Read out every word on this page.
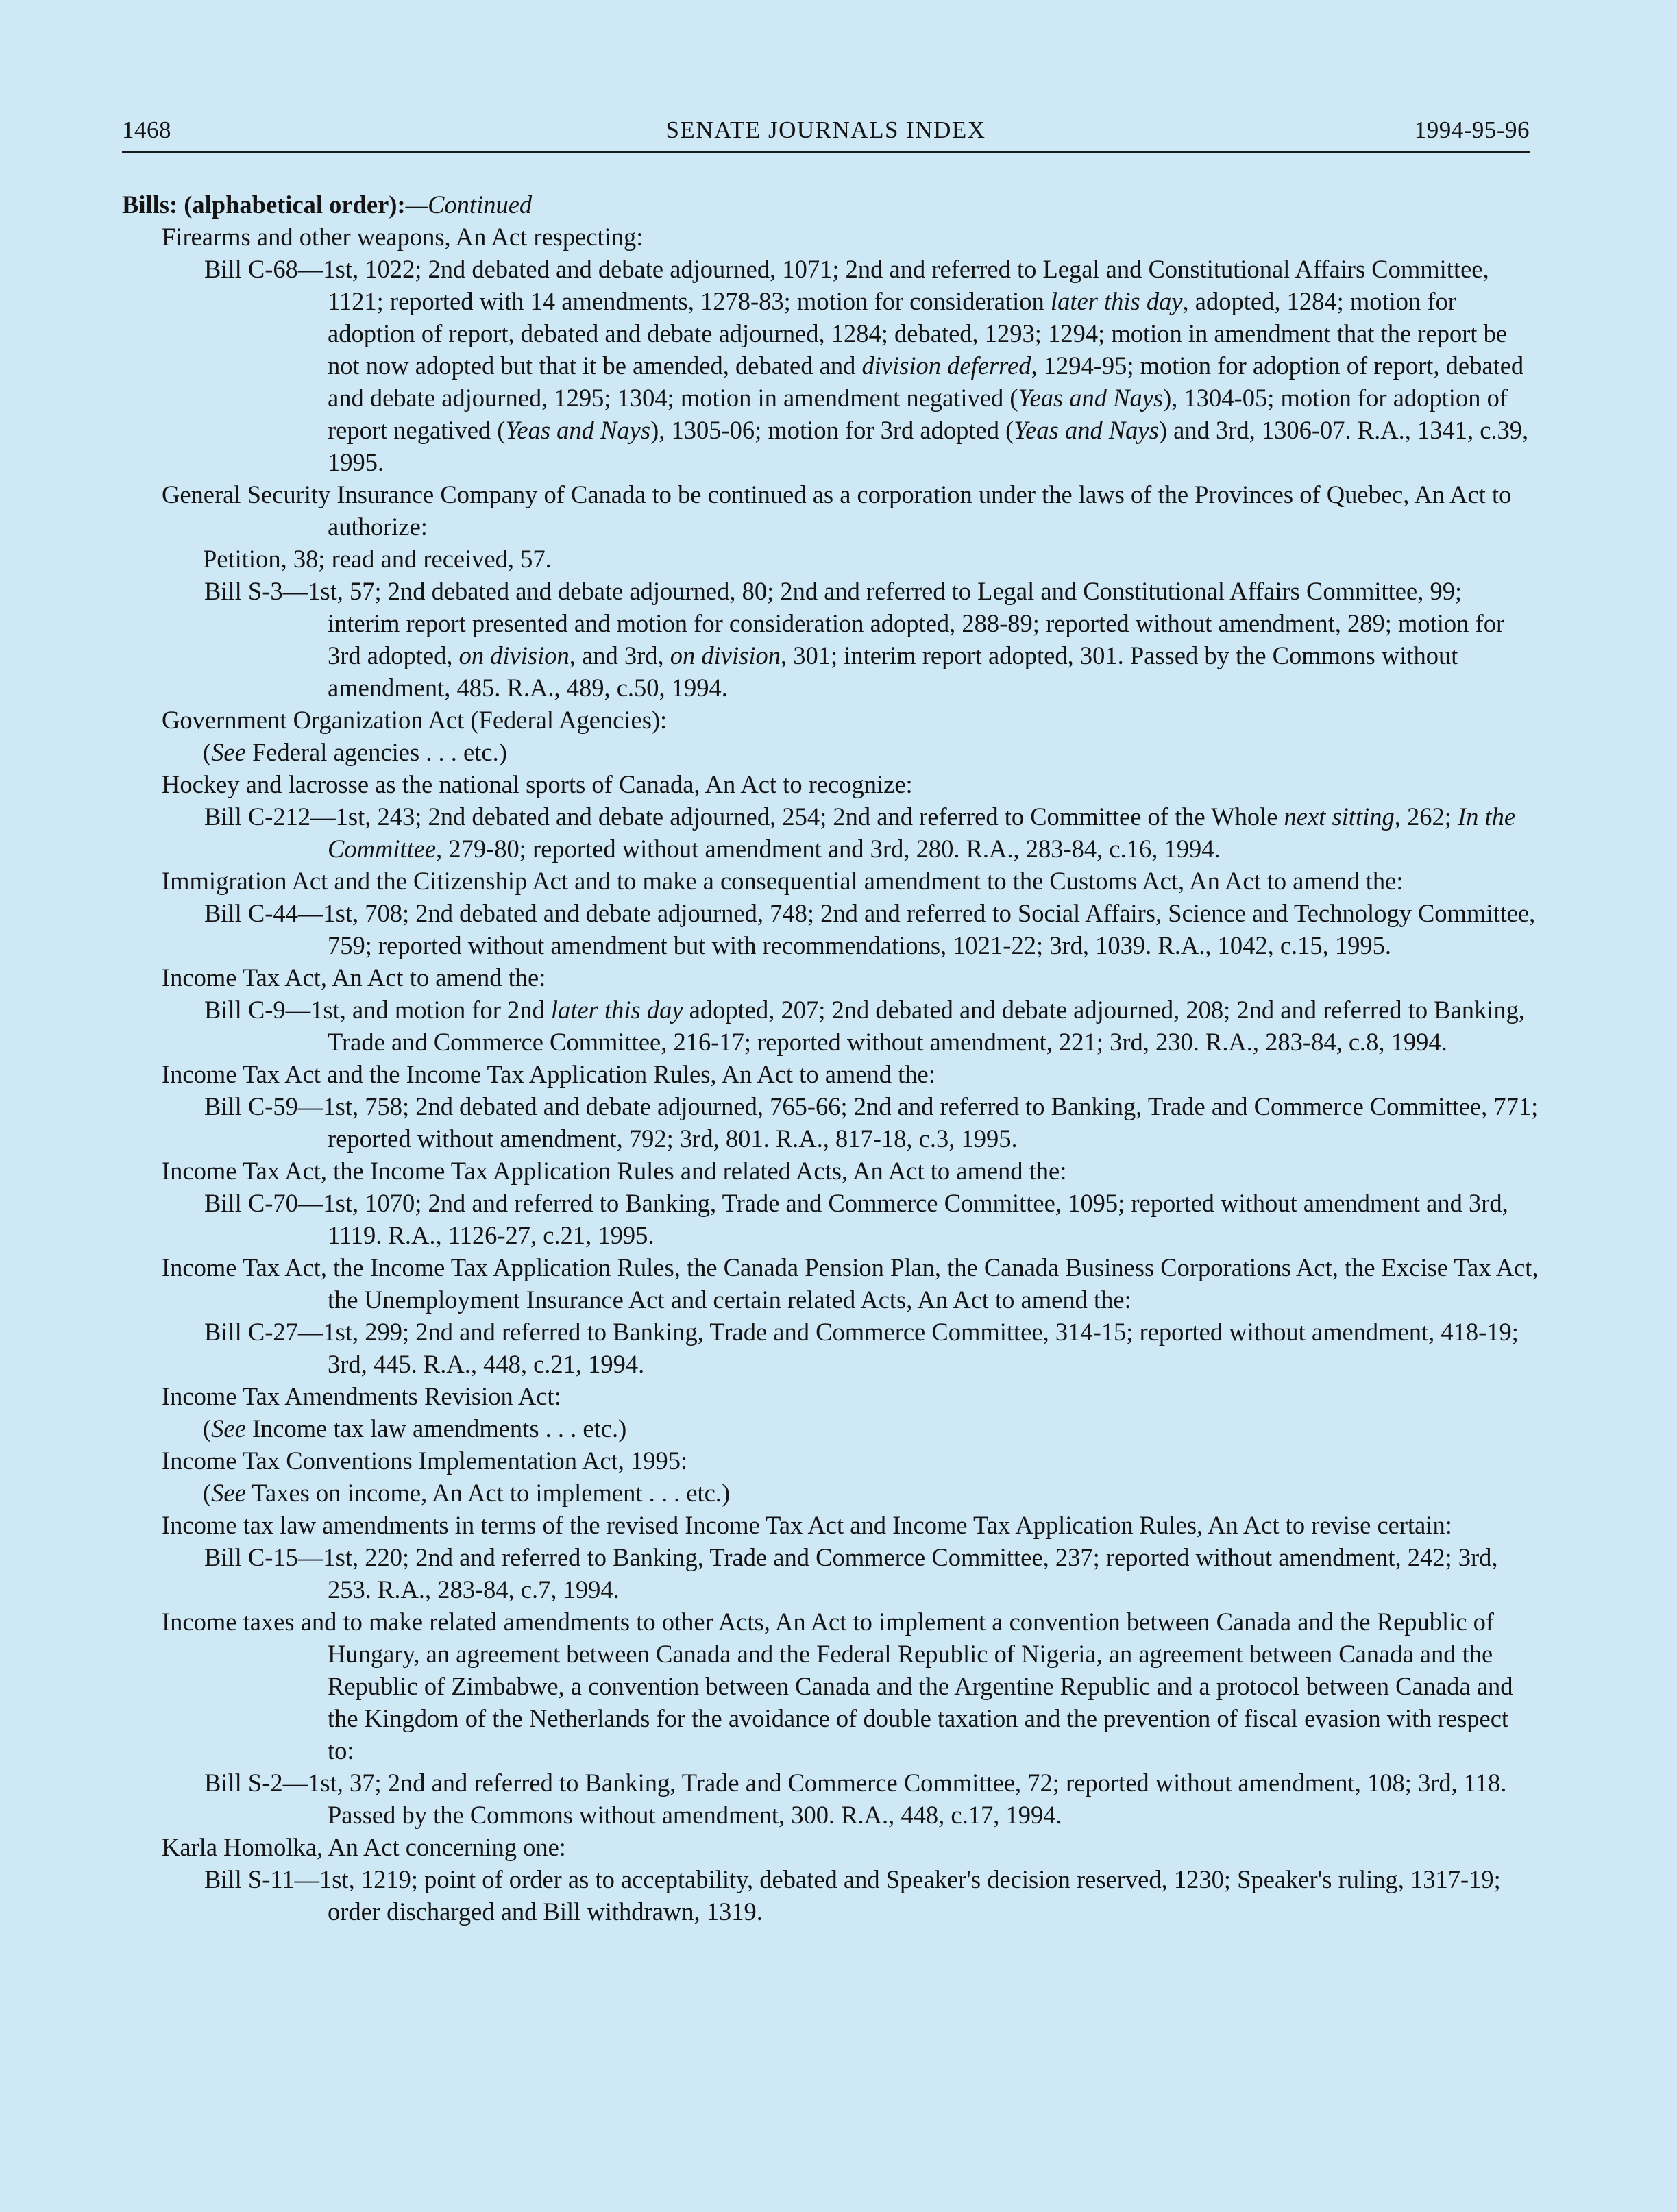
1468	SENATE JOURNALS INDEX	1994-95-96

Bills: (alphabetical order):—Continued

Firearms and other weapons, An Act respecting:

Bill C-68—1st, 1022; 2nd debated and debate adjourned, 1071; 2nd and referred to Legal and Constitutional Affairs Committee, 1121; reported with 14 amendments, 1278-83; motion for consideration later this day, adopted, 1284; motion for adoption of report, debated and debate adjourned, 1284; debated, 1293; 1294; motion in amendment that the report be not now adopted but that it be amended, debated and division deferred, 1294-95; motion for adoption of report, debated and debate adjourned, 1295; 1304; motion in amendment negatived (Yeas and Nays), 1304-05; motion for adoption of report negatived (Yeas and Nays), 1305-06; motion for 3rd adopted (Yeas and Nays) and 3rd, 1306-07. R.A., 1341, c.39, 1995.

General Security Insurance Company of Canada to be continued as a corporation under the laws of the Provinces of Quebec, An Act to authorize:

Petition, 38; read and received, 57.

Bill S-3—1st, 57; 2nd debated and debate adjourned, 80; 2nd and referred to Legal and Constitutional Affairs Committee, 99; interim report presented and motion for consideration adopted, 288-89; reported without amendment, 289; motion for 3rd adopted, on division, and 3rd, on division, 301; interim report adopted, 301. Passed by the Commons without amendment, 485. R.A., 489, c.50, 1994.

Government Organization Act (Federal Agencies):

(See Federal agencies . . . etc.)

Hockey and lacrosse as the national sports of Canada, An Act to recognize:

Bill C-212—1st, 243; 2nd debated and debate adjourned, 254; 2nd and referred to Committee of the Whole next sitting, 262; In the Committee, 279-80; reported without amendment and 3rd, 280. R.A., 283-84, c.16, 1994.

Immigration Act and the Citizenship Act and to make a consequential amendment to the Customs Act, An Act to amend the:

Bill C-44—1st, 708; 2nd debated and debate adjourned, 748; 2nd and referred to Social Affairs, Science and Technology Committee, 759; reported without amendment but with recommendations, 1021-22; 3rd, 1039. R.A., 1042, c.15, 1995.

Income Tax Act, An Act to amend the:

Bill C-9—1st, and motion for 2nd later this day adopted, 207; 2nd debated and debate adjourned, 208; 2nd and referred to Banking, Trade and Commerce Committee, 216-17; reported without amendment, 221; 3rd, 230. R.A., 283-84, c.8, 1994.

Income Tax Act and the Income Tax Application Rules, An Act to amend the:

Bill C-59—1st, 758; 2nd debated and debate adjourned, 765-66; 2nd and referred to Banking, Trade and Commerce Committee, 771; reported without amendment, 792; 3rd, 801. R.A., 817-18, c.3, 1995.

Income Tax Act, the Income Tax Application Rules and related Acts, An Act to amend the:

Bill C-70—1st, 1070; 2nd and referred to Banking, Trade and Commerce Committee, 1095; reported without amendment and 3rd, 1119. R.A., 1126-27, c.21, 1995.

Income Tax Act, the Income Tax Application Rules, the Canada Pension Plan, the Canada Business Corporations Act, the Excise Tax Act, the Unemployment Insurance Act and certain related Acts, An Act to amend the:

Bill C-27—1st, 299; 2nd and referred to Banking, Trade and Commerce Committee, 314-15; reported without amendment, 418-19; 3rd, 445. R.A., 448, c.21, 1994.

Income Tax Amendments Revision Act:

(See Income tax law amendments . . . etc.)

Income Tax Conventions Implementation Act, 1995:

(See Taxes on income, An Act to implement . . . etc.)

Income tax law amendments in terms of the revised Income Tax Act and Income Tax Application Rules, An Act to revise certain:

Bill C-15—1st, 220; 2nd and referred to Banking, Trade and Commerce Committee, 237; reported without amendment, 242; 3rd, 253. R.A., 283-84, c.7, 1994.

Income taxes and to make related amendments to other Acts, An Act to implement a convention between Canada and the Republic of Hungary, an agreement between Canada and the Federal Republic of Nigeria, an agreement between Canada and the Republic of Zimbabwe, a convention between Canada and the Argentine Republic and a protocol between Canada and the Kingdom of the Netherlands for the avoidance of double taxation and the prevention of fiscal evasion with respect to:

Bill S-2—1st, 37; 2nd and referred to Banking, Trade and Commerce Committee, 72; reported without amendment, 108; 3rd, 118. Passed by the Commons without amendment, 300. R.A., 448, c.17, 1994.

Karla Homolka, An Act concerning one:

Bill S-11—1st, 1219; point of order as to acceptability, debated and Speaker's decision reserved, 1230; Speaker's ruling, 1317-19; order discharged and Bill withdrawn, 1319.
